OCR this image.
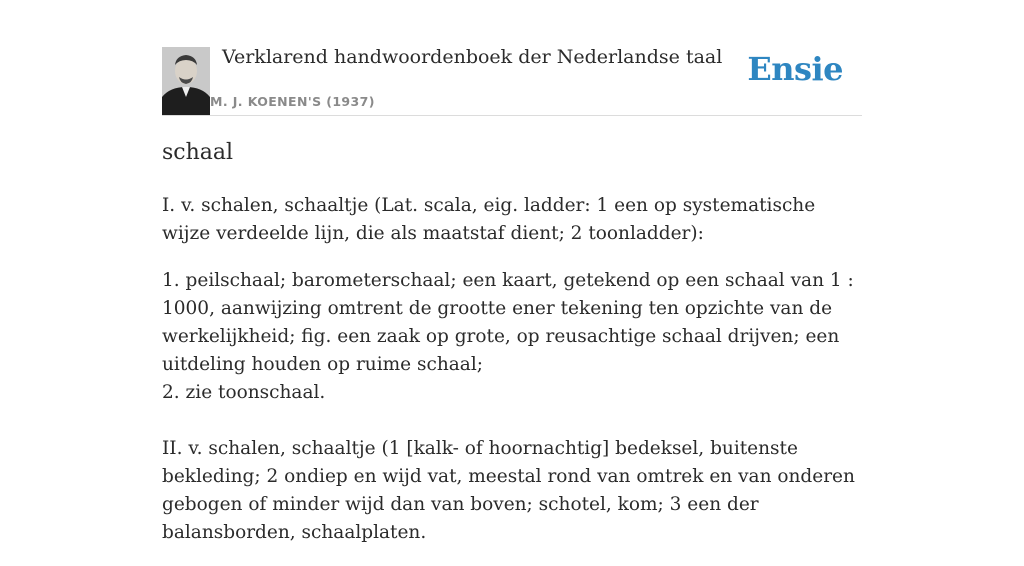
Verklarend handwoordenboek der Nederlandse taal
M. J. KOENEN'S (1937)
Ensie
schaal

I. v. schalen, schaaltje (Lat. scala, eig. ladder: 1 een op systematische wijze verdeelde lijn, die als maatstaf dient; 2 toonladder):

1. peilschaal; barometerschaal; een kaart, getekend op een schaal van 1 : 1000, aanwijzing omtrent de grootte ener tekening ten opzichte van de werkelijkheid; fig. een zaak op grote, op reusachtige schaal drijven; een uitdeling houden op ruime schaal;
2. zie toonschaal.

II. v. schalen, schaaltje (1 [kalk- of hoornachtig] bedeksel, buitenste bekleding; 2 ondiep en wijd vat, meestal rond van omtrek en van onderen gebogen of minder wijd dan van boven; schotel, kom; 3 een der balansborden, schaalplaten.
